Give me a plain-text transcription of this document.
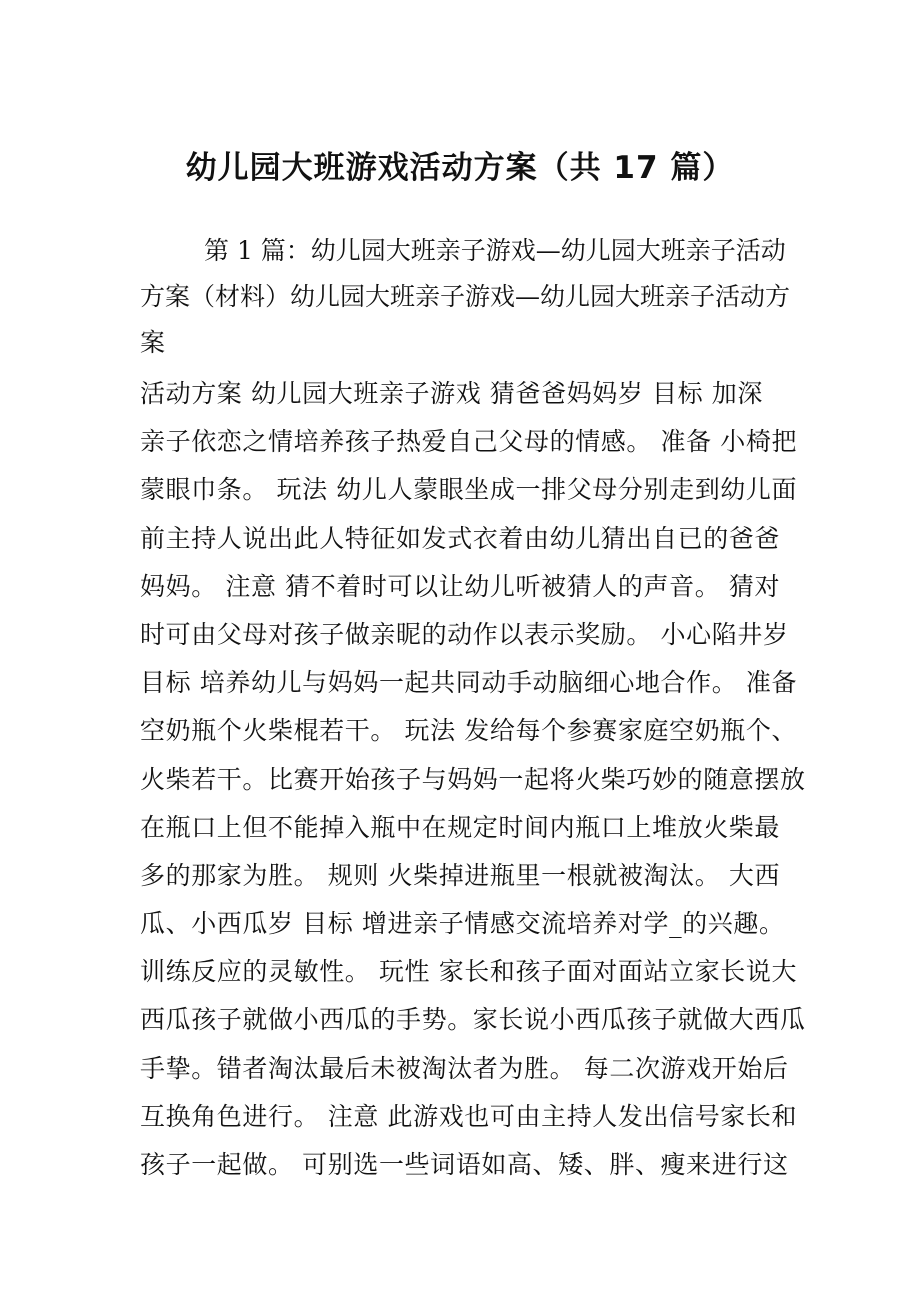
幼儿园大班游戏活动方案（共 17 篇）
第 1 篇：幼儿园大班亲子游戏—幼儿园大班亲子活动
方案（材料）幼儿园大班亲子游戏—幼儿园大班亲子活动方
案
活动方案 幼儿园大班亲子游戏 猜爸爸妈妈岁 目标 加深
亲子依恋之情培养孩子热爱自己父母的情感。 准备 小椅把
蒙眼巾条。 玩法 幼儿人蒙眼坐成一排父母分别走到幼儿面
前主持人说出此人特征如发式衣着由幼儿猜出自已的爸爸
妈妈。 注意 猜不着时可以让幼儿听被猜人的声音。 猜对
时可由父母对孩子做亲昵的动作以表示奖励。 小心陷井岁
目标 培养幼儿与妈妈一起共同动手动脑细心地合作。 准备
空奶瓶个火柴棍若干。 玩法 发给每个参赛家庭空奶瓶个、
火柴若干。比赛开始孩子与妈妈一起将火柴巧妙的随意摆放
在瓶口上但不能掉入瓶中在规定时间内瓶口上堆放火柴最
多的那家为胜。 规则 火柴掉进瓶里一根就被淘汰。 大西
瓜、小西瓜岁 目标 增进亲子情感交流培养对学_的兴趣。
训练反应的灵敏性。 玩性 家长和孩子面对面站立家长说大
西瓜孩子就做小西瓜的手势。家长说小西瓜孩子就做大西瓜
手挚。错者淘汰最后未被淘汰者为胜。 每二次游戏开始后
互换角色进行。 注意 此游戏也可由主持人发出信号家长和
孩子一起做。 可别选一些词语如高、矮、胖、瘦来进行这
